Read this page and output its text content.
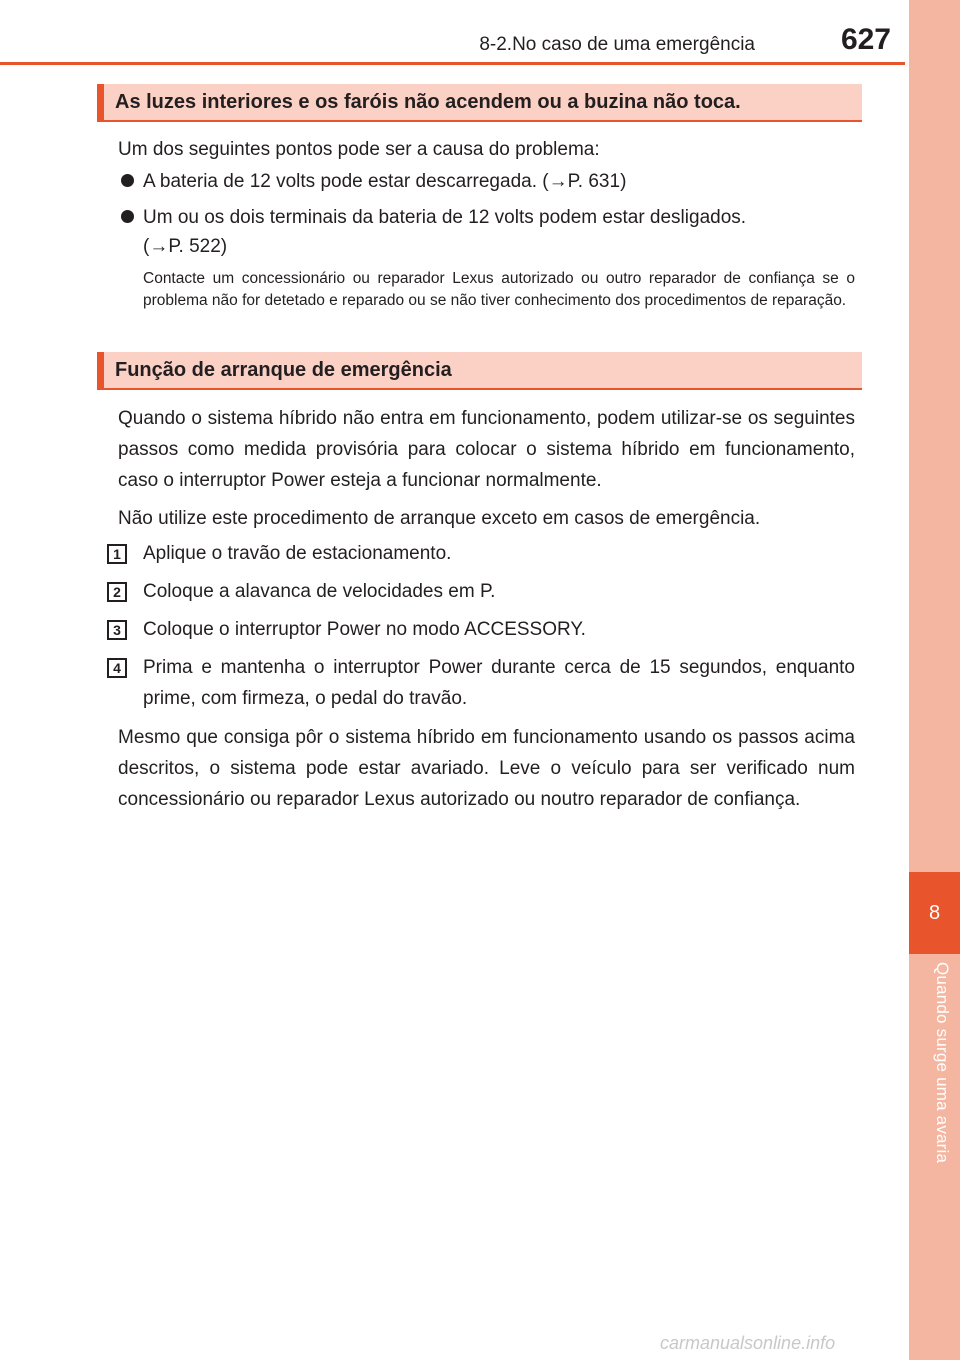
8
Quando surge uma avaria
8-2.No caso de uma emergência	627
As luzes interiores e os faróis não acendem ou a buzina não toca.
Um dos seguintes pontos pode ser a causa do problema:
A bateria de 12 volts pode estar descarregada. (→P. 631)
Um ou os dois terminais da bateria de 12 volts podem estar desligados.
(→P. 522)
Contacte um concessionário ou reparador Lexus autorizado ou outro reparador de confiança se o problema não for detetado e reparado ou se não tiver conhecimento dos procedimentos de reparação.
Função de arranque de emergência
Quando o sistema híbrido não entra em funcionamento, podem utilizar-se os seguintes passos como medida provisória para colocar o sistema híbrido em funcionamento, caso o interruptor Power esteja a funcionar normalmente.
Não utilize este procedimento de arranque exceto em casos de emergência.
1	Aplique o travão de estacionamento.
2	Coloque a alavanca de velocidades em P.
3	Coloque o interruptor Power no modo ACCESSORY.
4	Prima e mantenha o interruptor Power durante cerca de 15 segundos, enquanto prime, com firmeza, o pedal do travão.
Mesmo que consiga pôr o sistema híbrido em funcionamento usando os passos acima descritos, o sistema pode estar avariado. Leve o veículo para ser verificado num concessionário ou reparador Lexus autorizado ou noutro reparador de confiança.
carmanualsonline.info
